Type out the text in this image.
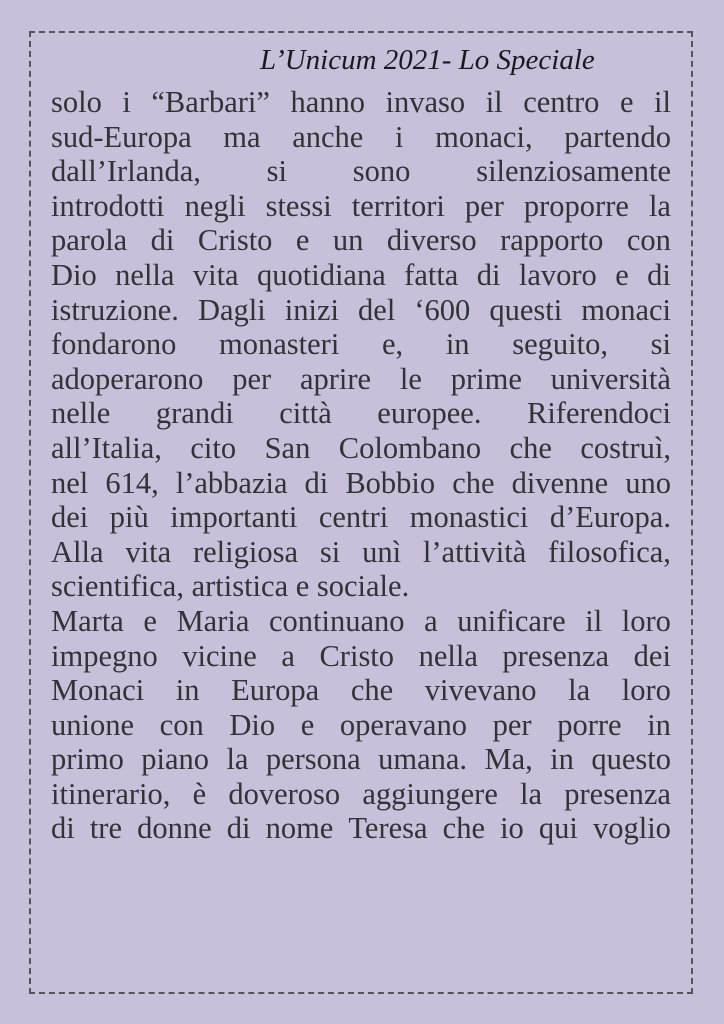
L’Unicum 2021- Lo Speciale
solo i “Barbari” hanno invaso il centro e il
sud-Europa ma anche i monaci, partendo
dall’Irlanda, si sono silenziosamente
introdotti negli stessi territori per proporre la
parola di Cristo e un diverso rapporto con
Dio nella vita quotidiana fatta di lavoro e di
istruzione. Dagli inizi del ‘600 questi monaci
fondarono monasteri e, in seguito, si
adoperarono per aprire le prime università
nelle grandi città europee. Riferendoci
all’Italia, cito San Colombano che costruì,
nel 614, l’abbazia di Bobbio che divenne uno
dei più importanti centri monastici d’Europa.
Alla vita religiosa si unì l’attività filosofica,
scientifica, artistica e sociale.
Marta e Maria continuano a unificare il loro
impegno vicine a Cristo nella presenza dei
Monaci in Europa che vivevano la loro
unione con Dio e operavano per porre in
primo piano la persona umana. Ma, in questo
itinerario, è doveroso aggiungere la presenza
di tre donne di nome Teresa che io qui voglio
